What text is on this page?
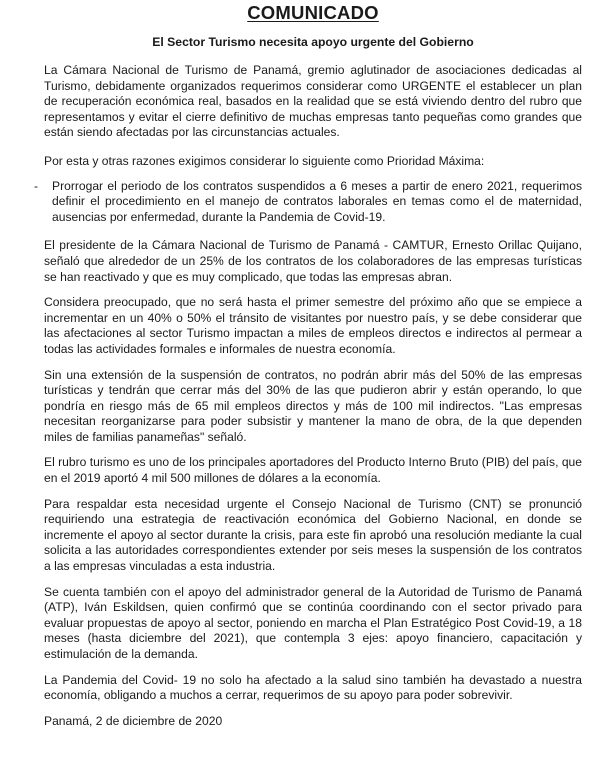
COMUNICADO
El Sector Turismo necesita apoyo urgente del Gobierno

La Cámara Nacional de Turismo de Panamá, gremio aglutinador de asociaciones dedicadas al Turismo, debidamente organizados requerimos considerar como URGENTE el establecer un plan de recuperación económica real, basados en la realidad que se está viviendo dentro del rubro que representamos y evitar el cierre definitivo de muchas empresas tanto pequeñas como grandes que están siendo afectadas por las circunstancias actuales.

Por esta y otras razones exigimos considerar lo siguiente como Prioridad Máxima:

-	Prorrogar el periodo de los contratos suspendidos a 6 meses a partir de enero 2021, requerimos definir el procedimiento en el manejo de contratos laborales en temas como el de maternidad, ausencias por enfermedad, durante la Pandemia de Covid-19.

El presidente de la Cámara Nacional de Turismo de Panamá - CAMTUR, Ernesto Orillac Quijano, señaló que alrededor de un 25% de los contratos de los colaboradores de las empresas turísticas se han reactivado y que es muy complicado, que todas las empresas abran.

Considera preocupado, que no será hasta el primer semestre del próximo año que se empiece a incrementar en un 40% o 50% el tránsito de visitantes por nuestro país, y se debe considerar que las afectaciones al sector Turismo impactan a miles de empleos directos e indirectos al permear a todas las actividades formales e informales de nuestra economía.

Sin una extensión de la suspensión de contratos, no podrán abrir más del 50% de las empresas turísticas y tendrán que cerrar más del 30% de las que pudieron abrir y están operando, lo que pondría en riesgo más de 65 mil empleos directos y más de 100 mil indirectos. "Las empresas necesitan reorganizarse para poder subsistir y mantener la mano de obra, de la que dependen miles de familias panameñas" señaló.

El rubro turismo es uno de los principales aportadores del Producto Interno Bruto (PIB) del país, que en el 2019 aportó 4 mil 500 millones de dólares a la economía.

Para respaldar esta necesidad urgente el Consejo Nacional de Turismo (CNT) se pronunció requiriendo una estrategia de reactivación económica del Gobierno Nacional, en donde se incremente el apoyo al sector durante la crisis, para este fin aprobó una resolución mediante la cual solicita a las autoridades correspondientes extender por seis meses la suspensión de los contratos a las empresas vinculadas a esta industria.

Se cuenta también con el apoyo del administrador general de la Autoridad de Turismo de Panamá (ATP), Iván Eskildsen, quien confirmó que se continúa coordinando con el sector privado para evaluar propuestas de apoyo al sector, poniendo en marcha el Plan Estratégico Post Covid-19, a 18 meses (hasta diciembre del 2021), que contempla 3 ejes: apoyo financiero, capacitación y estimulación de la demanda.

La Pandemia del Covid- 19 no solo ha afectado a la salud sino también ha devastado a nuestra economía, obligando a muchos a cerrar, requerimos de su apoyo para poder sobrevivir.

Panamá, 2 de diciembre de 2020
